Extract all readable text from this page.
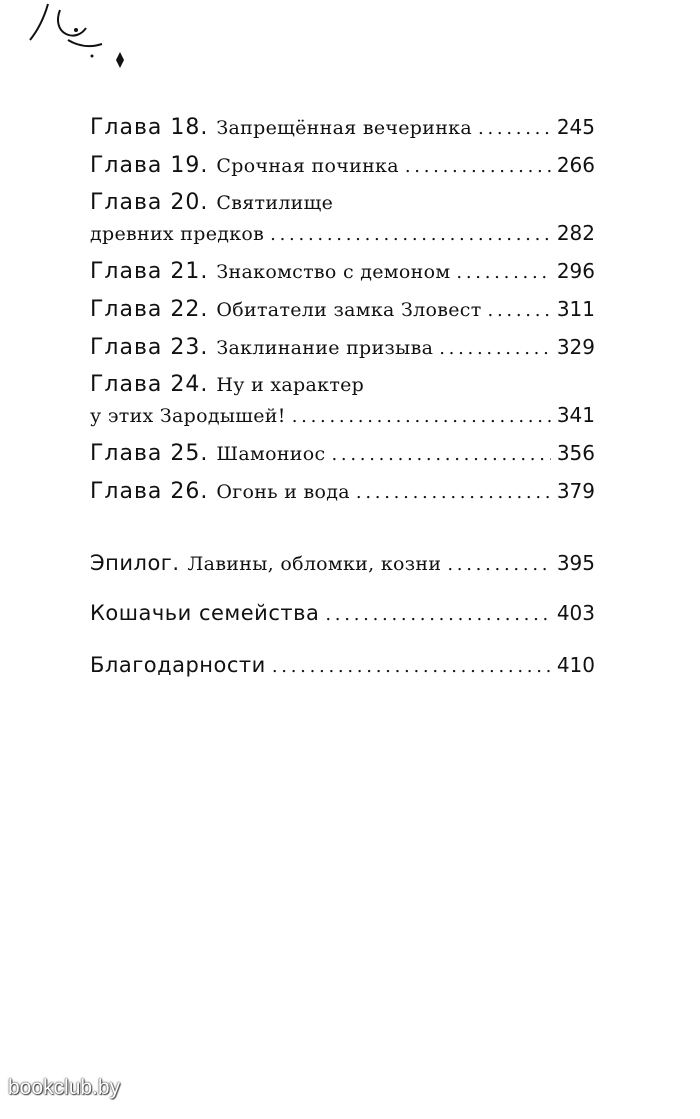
Глава 18. Запрещённая вечеринка . . .	245
Глава 19. Срочная починка . . .	266
Глава 20. Святилище
древних предков . . .	282
Глава 21. Знакомство с демоном . . .	296
Глава 22. Обитатели замка Зловест . . .	311
Глава 23. Заклинание призыва . . .	329
Глава 24. Ну и характер
у этих Зародышей! . . .	341
Глава 25. Шамониос . . .	356
Глава 26. Огонь и вода . . .	379
Эпилог. Лавины, обломки, козни . . .	395
Кошачьи семейства . . .	403
Благодарности . . .	410
bookclub.by
